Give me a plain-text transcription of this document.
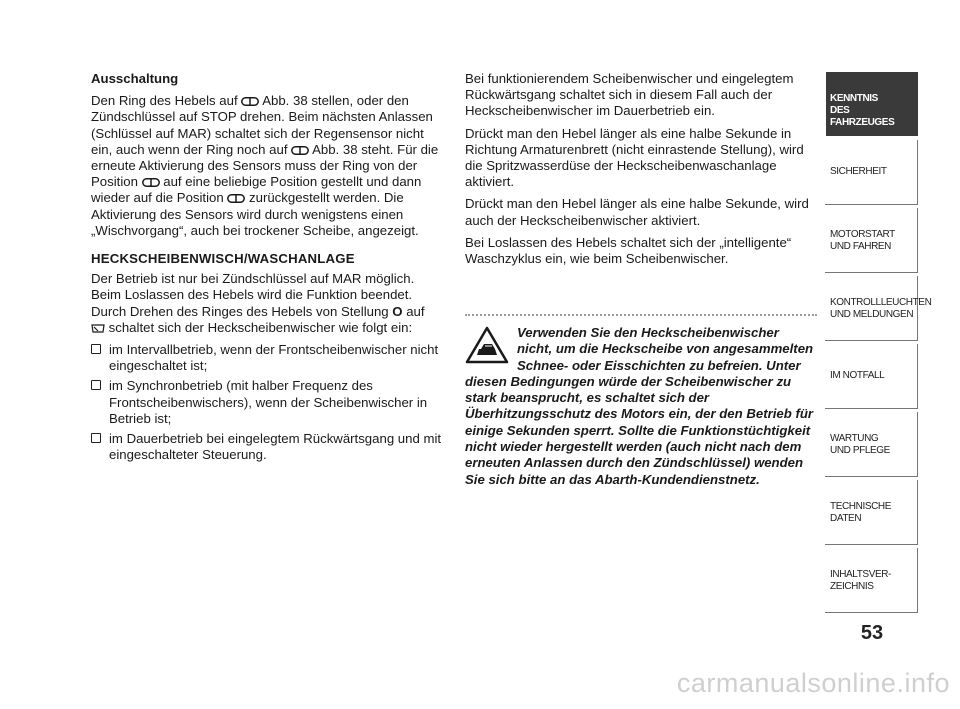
Ausschaltung

Den Ring des Hebels auf
Abb. 38 stellen, oder den Zündschlüssel auf STOP drehen. Beim nächsten Anlassen (Schlüssel auf MAR) schaltet sich der Regensensor nicht ein, auch wenn der Ring noch auf
Abb. 38 steht. Für die erneute Aktivierung des Sensors muss der Ring von der Position
auf eine beliebige Position gestellt und dann wieder auf die Position
zurückgestellt werden. Die Aktivierung des Sensors wird durch wenigstens einen „Wischvorgang“, auch bei trockener Scheibe, angezeigt.

HECKSCHEIBENWISCH/WASCHANLAGE

Der Betrieb ist nur bei Zündschlüssel auf MAR möglich. Beim Loslassen des Hebels wird die Funktion beendet. Durch Drehen des Ringes des Hebels von Stellung O auf

schaltet sich der Heckscheibenwischer wie folgt ein:

im Intervallbetrieb, wenn der Frontscheibenwischer nicht eingeschaltet ist;
im Synchronbetrieb (mit halber Frequenz des Frontscheibenwischers), wenn der Scheibenwischer in Betrieb ist;
im Dauerbetrieb bei eingelegtem Rückwärtsgang und mit eingeschalteter Steuerung.

Bei funktionierendem Scheibenwischer und eingelegtem Rückwärtsgang schaltet sich in diesem Fall auch der Heckscheibenwischer im Dauerbetrieb ein.

Drückt man den Hebel länger als eine halbe Sekunde in Richtung Armaturenbrett (nicht einrastende Stellung), wird die Spritzwasserdüse der Heckscheibenwaschanlage aktiviert.

Drückt man den Hebel länger als eine halbe Sekunde, wird auch der Heckscheibenwischer aktiviert.

Bei Loslassen des Hebels schaltet sich der „intelligente“ Waschzyklus ein, wie beim Scheibenwischer.

Verwenden Sie den Heckscheibenwischer nicht, um die Heckscheibe von angesammelten Schnee- oder Eisschichten zu befreien. Unter diesen Bedingungen würde der Scheibenwischer zu stark beansprucht, es schaltet sich der Überhitzungsschutz des Motors ein, der den Betrieb für einige Sekunden sperrt. Sollte die Funktionstüchtigkeit nicht wieder hergestellt werden (auch nicht nach dem erneuten Anlassen durch den Zündschlüssel) wenden Sie sich bitte an das Abarth-Kundendienstnetz.
KENNTNIS
DES FAHRZEUGES
SICHERHEIT
MOTORSTART
UND FAHREN
KONTROLLLEUCHTEN
UND MELDUNGEN
IM NOTFALL
WARTUNG
UND PFLEGE
TECHNISCHE
DATEN
INHALTSVER-
ZEICHNIS
53
carmanualsonline.info
